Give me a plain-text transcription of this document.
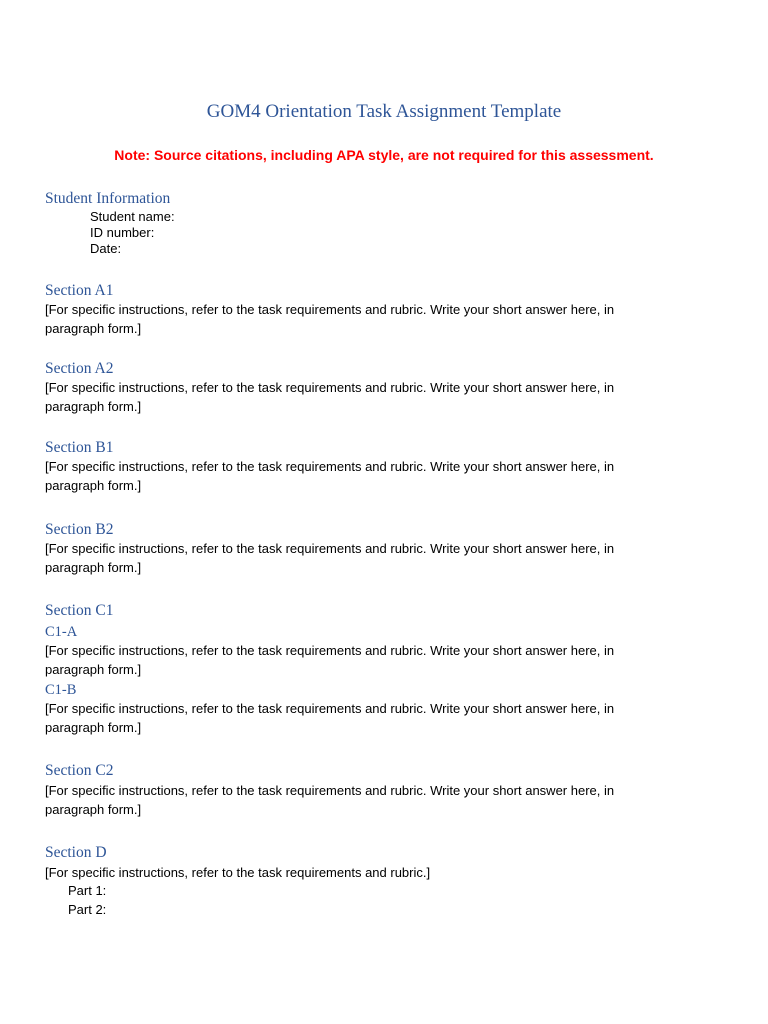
GOM4 Orientation Task Assignment Template
Note: Source citations, including APA style, are not required for this assessment.
Student Information
Student name:
ID number:
Date:
Section A1
[For specific instructions, refer to the task requirements and rubric. Write your short answer here, in
paragraph form.]
Section A2
[For specific instructions, refer to the task requirements and rubric. Write your short answer here, in
paragraph form.]
Section B1
[For specific instructions, refer to the task requirements and rubric. Write your short answer here, in
paragraph form.]
Section B2
[For specific instructions, refer to the task requirements and rubric. Write your short answer here, in
paragraph form.]
Section C1
C1-A
[For specific instructions, refer to the task requirements and rubric. Write your short answer here, in
paragraph form.]
C1-B
[For specific instructions, refer to the task requirements and rubric. Write your short answer here, in
paragraph form.]
Section C2
[For specific instructions, refer to the task requirements and rubric. Write your short answer here, in
paragraph form.]
Section D
[For specific instructions, refer to the task requirements and rubric.]
Part 1:
Part 2:
